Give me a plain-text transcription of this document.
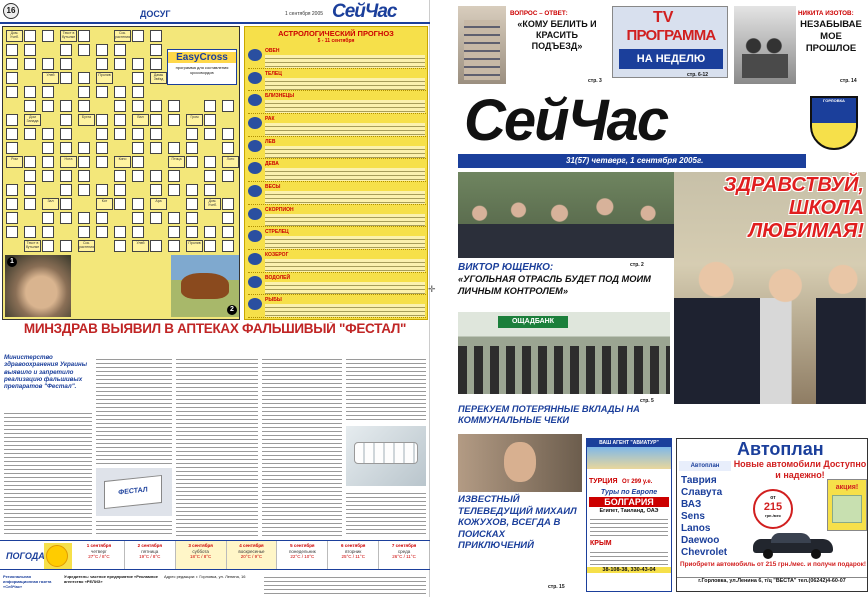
16	ДОСУГ	1 сентября 2005 СейЧас
Дом. Учеб.
Текст в бутылке
Сок. растения
Улей	Пролив	Дамы Звёзд
Дом Запада
Бухта	Вал	Гром
Рим	Нота	Кино	Птица	Лото
Зал	Кот	Ара	Дом. Учеб.
Текст в бутылке
Сок. растения
Улей	Пролив
EasyCross
программа для составления кроссвордов
1
2
АСТРОЛОГИЧЕСКИЙ ПРОГНОЗ
5 - 11 сентября
ОВЕН
ТЕЛЕЦ
БЛИЗНЕЦЫ
РАК
ЛЕВ
ДЕВА
ВЕСЫ
СКОРПИОН
СТРЕЛЕЦ
КОЗЕРОГ
ВОДОЛЕЙ
РЫБЫ
МИНЗДРАВ ВЫЯВИЛ В АПТЕКАХ ФАЛЬШИВЫЙ "ФЕСТАЛ"
Министерство здравоохранения Украины выявило и запретило реализацию фальшивых препаратов "Фестал".
ФЕСТАЛ
ПОГОДА
1 сентября
четверг
27°C / 8°C
2 сентября
пятница
19°C / 8°C
3 сентября
суббота
18°C / 8°C
4 сентября
воскресенье
20°C / 9°C
5 сентября
понедельник
22°C / 10°C
6 сентября
вторник
25°C / 11°C
7 сентября
среда
26°C / 11°C
Региональная информационная газета «СейЧас»
Учредитель: частное предприятие «Рекламное агентство «РЕЛИЗ»
Адрес редакции: г. Горловка, ул. Ленина, 16
✛
ВОПРОС – ОТВЕТ:
«КОМУ БЕЛИТЬ И КРАСИТЬ ПОДЪЕЗД»
стр. 3
TV
ПРОГРАММА
НА НЕДЕЛЮ
стр. 6-12
НИКИТА ИЗОТОВ:
НЕЗАБЫВАЕМОЕ ПРОШЛОЕ
стр. 14
СейЧас	ГОРЛОВКА
31(57) четверг, 1 сентября 2005г.
ЗДРАВСТВУЙ, ШКОЛА ЛЮБИМАЯ!
стр. 2
ВИКТОР ЮЩЕНКО:
«УГОЛЬНАЯ ОТРАСЛЬ БУДЕТ ПОД МОИМ ЛИЧНЫМ КОНТРОЛЕМ»
ОЩАДБАНК
стр. 5
ПЕРЕКУЕМ ПОТЕРЯННЫЕ ВКЛАДЫ НА КОММУНАЛЬНЫЕ ЧЕКИ
ИЗВЕСТНЫЙ ТЕЛЕВЕДУЩИЙ МИХАИЛ КОЖУХОВ, ВСЕГДА В ПОИСКАХ ПРИКЛЮЧЕНИЙ
стр. 15
ВАШ АГЕНТ "АВИАТУР"
ТУРЦИЯ От 299 у.е.
Туры по Европе
БОЛГАРИЯ
Египет, Таиланд, ОАЭ
КРЫМ
38-108-38, 330-43-04
Автоплан
Автоплан	Новые автомобили Доступно и надежно!
Таврия
Славута
ВАЗ
Sens
Lanos
Daewoo
Chevrolet
от
215
грн./мес
акция!
Приобрети автомобиль от 215 грн./мес. и получи подарок!
г.Горловка, ул.Ленина 6, т/ц "ВЕСТА" тел.(06242)4-60-07
